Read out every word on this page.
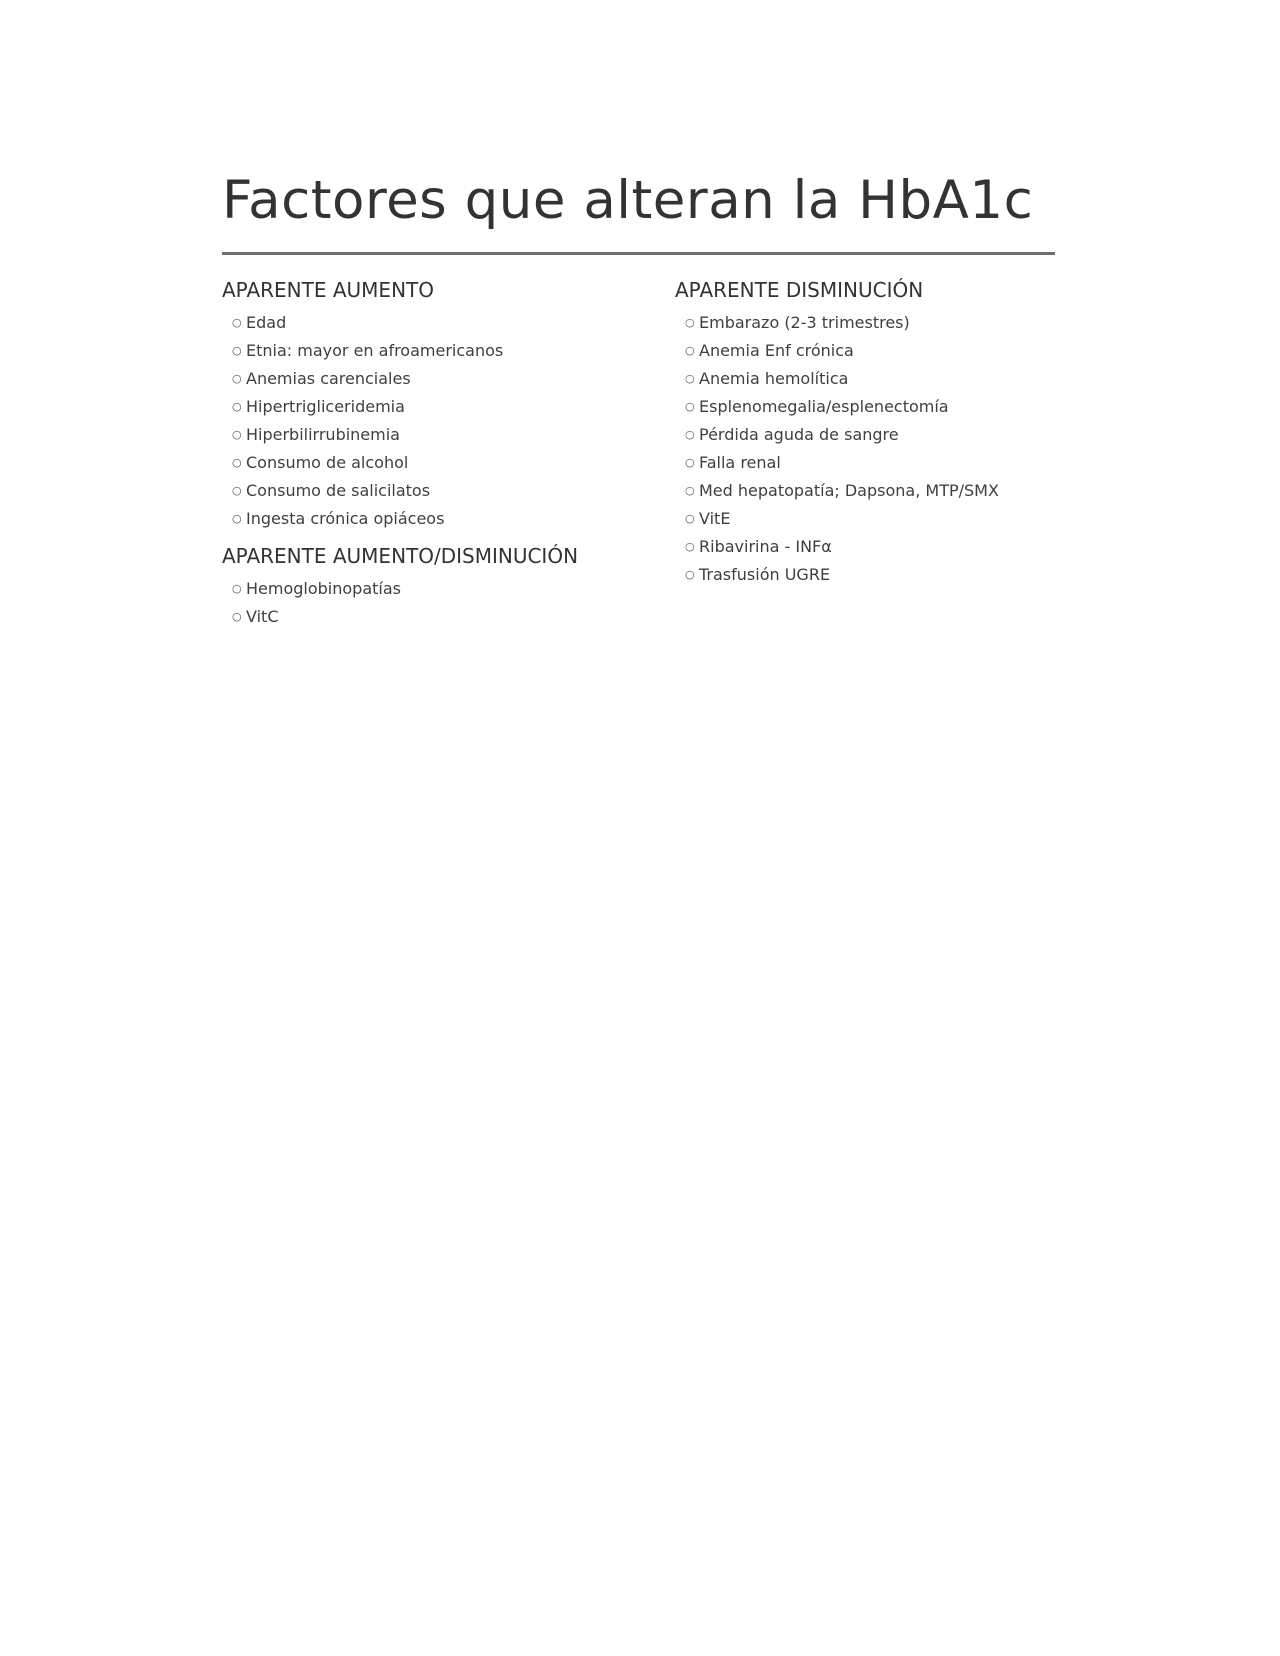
Factores que alteran la HbA1c
APARENTE AUMENTO
○ Edad
○ Etnia: mayor en afroamericanos
○ Anemias carenciales
○ Hipertrigliceridemia
○ Hiperbilirrubinemia
○ Consumo de alcohol
○ Consumo de salicilatos
○ Ingesta crónica opiáceos
APARENTE AUMENTO/DISMINUCIÓN
○ Hemoglobinopatías
○ VitC
APARENTE DISMINUCIÓN
○ Embarazo (2-3 trimestres)
○ Anemia Enf crónica
○ Anemia hemolítica
○ Esplenomegalia/esplenectomía
○ Pérdida aguda de sangre
○ Falla renal
○ Med hepatopatía; Dapsona, MTP/SMX
○ VitE
○ Ribavirina - INFα
○ Trasfusión UGRE
